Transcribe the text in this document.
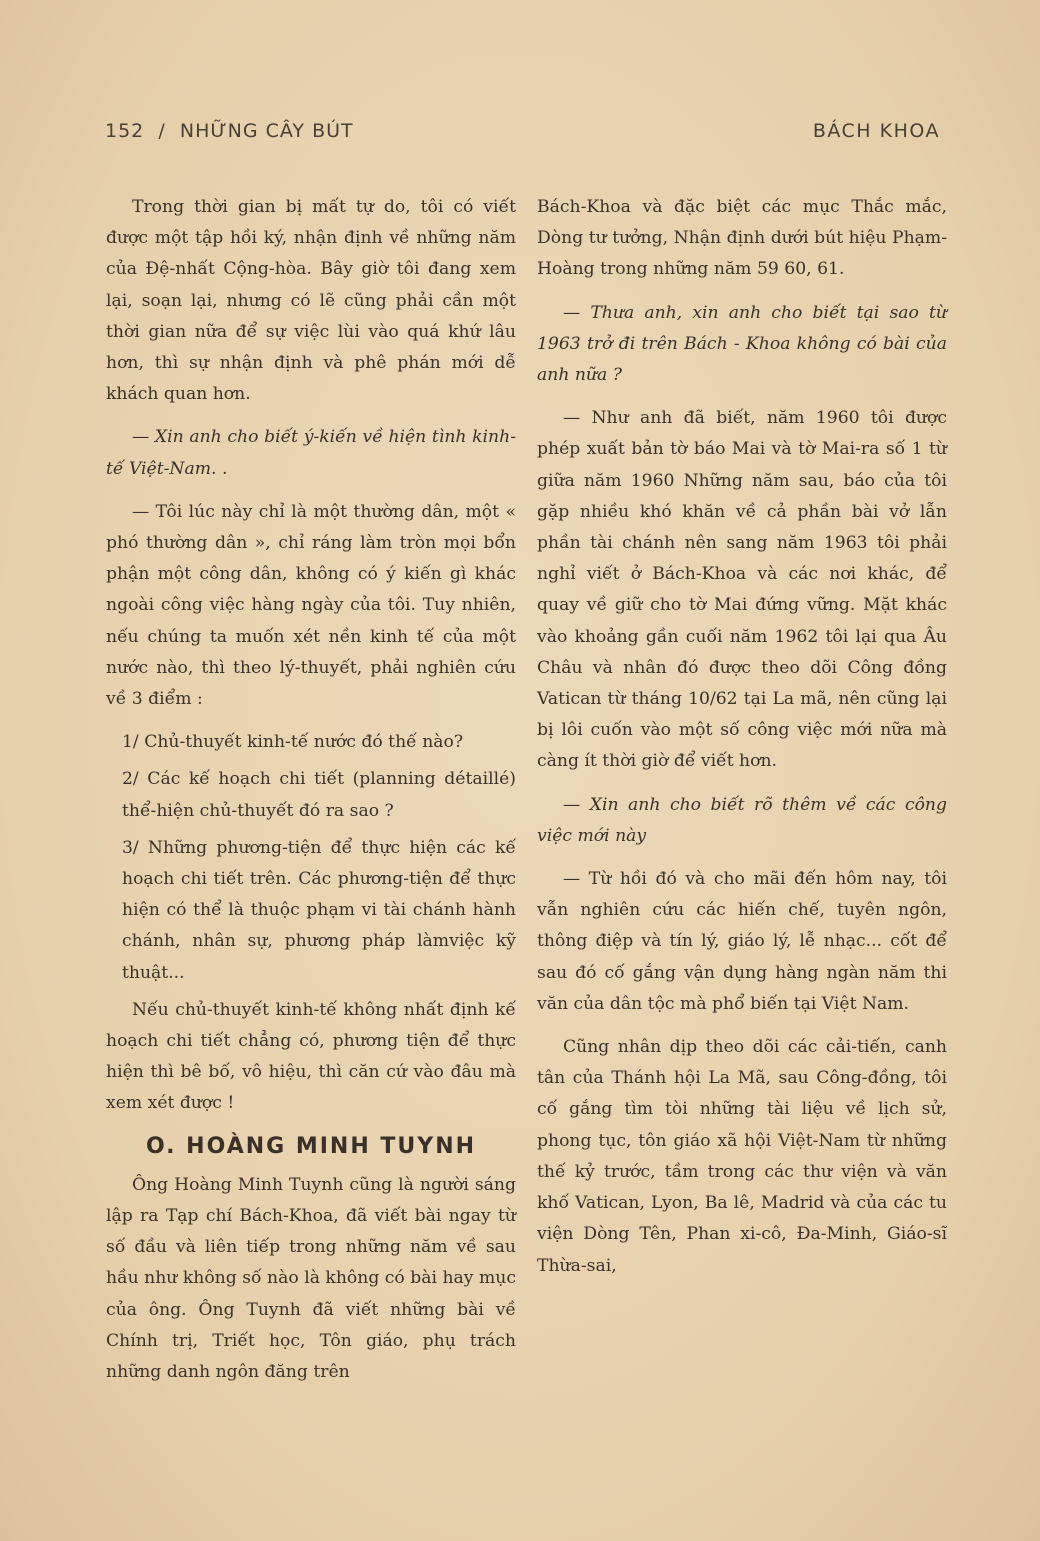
152 / NHỮNG CÂY BÚT	BÁCH KHOA

Trong thời gian bị mất tự do, tôi có viết được một tập hồi ký, nhận định về những năm của Đệ-nhất Cộng-hòa. Bây giờ tôi đang xem lại, soạn lại, nhưng có lẽ cũng phải cần một thời gian nữa để sự việc lùi vào quá khứ lâu hơn, thì sự nhận định và phê phán mới dễ khách quan hơn.

— Xin anh cho biết ý-kiến về hiện tình kinh-tế Việt-Nam. .

— Tôi lúc này chỉ là một thường dân, một « phó thường dân », chỉ ráng làm tròn mọi bổn phận một công dân, không có ý kiến gì khác ngoài công việc hàng ngày của tôi. Tuy nhiên, nếu chúng ta muốn xét nền kinh tế của một nước nào, thì theo lý-thuyết, phải nghiên cứu về 3 điểm :

1/ Chủ-thuyết kinh-tế nước đó thế nào?

2/ Các kế hoạch chi tiết (planning détaillé) thể-hiện chủ-thuyết đó ra sao ?

3/ Những phương-tiện để thực hiện các kế hoạch chi tiết trên. Các phương-tiện để thực hiện có thể là thuộc phạm vi tài chánh hành chánh, nhân sự, phương pháp làmviệc kỹ thuật...

Nếu chủ-thuyết kinh-tế không nhất định kế hoạch chi tiết chẳng có, phương tiện để thực hiện thì bê bố, vô hiệu, thì căn cứ vào đâu mà xem xét được !

O. HOÀNG MINH TUYNH

Ông Hoàng Minh Tuynh cũng là người sáng lập ra Tạp chí Bách-Khoa, đã viết bài ngay từ số đầu và liên tiếp trong những năm về sau hầu như không số nào là không có bài hay mục của ông. Ông Tuynh đã viết những bài về Chính trị, Triết học, Tôn giáo, phụ trách những danh ngôn đăng trên

Bách-Khoa và đặc biệt các mục Thắc mắc, Dòng tư tưởng, Nhận định dưới bút hiệu Phạm-Hoàng trong những năm 59 60, 61.

— Thưa anh, xin anh cho biết tại sao từ 1963 trở đi trên Bách - Khoa không có bài của anh nữa ?

— Như anh đã biết, năm 1960 tôi được phép xuất bản tờ báo Mai và tờ Mai-ra số 1 từ giữa năm 1960 Những năm sau, báo của tôi gặp nhiều khó khăn về cả phần bài vở lẫn phần tài chánh nên sang năm 1963 tôi phải nghỉ viết ở Bách-Khoa và các nơi khác, để quay về giữ cho tờ Mai đứng vững. Mặt khác vào khoảng gần cuối năm 1962 tôi lại qua Âu Châu và nhân đó được theo dõi Công đồng Vatican từ tháng 10/62 tại La mã, nên cũng lại bị lôi cuốn vào một số công việc mới nữa mà càng ít thời giờ để viết hơn.

— Xin anh cho biết rõ thêm về các công việc mới này

— Từ hồi đó và cho mãi đến hôm nay, tôi vẫn nghiên cứu các hiến chế, tuyên ngôn, thông điệp và tín lý, giáo lý, lễ nhạc... cốt để sau đó cố gắng vận dụng hàng ngàn năm thi văn của dân tộc mà phổ biến tại Việt Nam.

Cũng nhân dịp theo dõi các cải-tiến, canh tân của Thánh hội La Mã, sau Công-đồng, tôi cố gắng tìm tòi những tài liệu về lịch sử, phong tục, tôn giáo xã hội Việt-Nam từ những thế kỷ trước, tầm trong các thư viện và văn khố Vatican, Lyon, Ba lê, Madrid và của các tu viện Dòng Tên, Phan xi-cô, Đa-Minh, Giáo-sĩ Thừa-sai,
